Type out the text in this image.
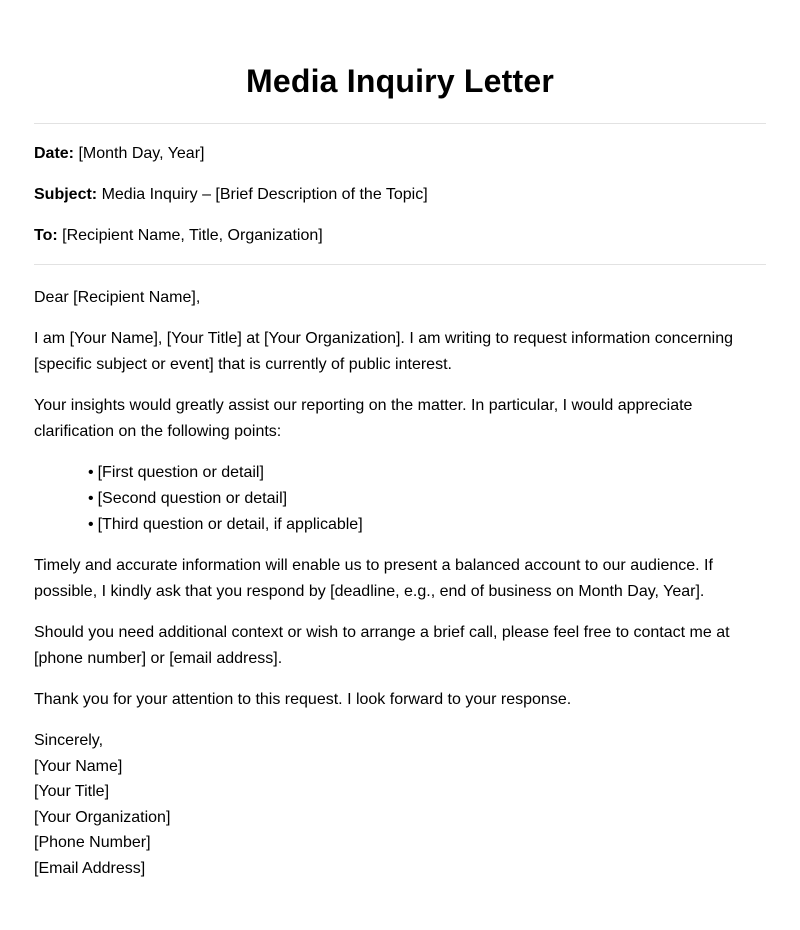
Media Inquiry Letter
Date: [Month Day, Year]
Subject: Media Inquiry – [Brief Description of the Topic]
To: [Recipient Name, Title, Organization]

Dear [Recipient Name],

I am [Your Name], [Your Title] at [Your Organization]. I am writing to request information concerning [specific subject or event] that is currently of public interest.

Your insights would greatly assist our reporting on the matter. In particular, I would appreciate clarification on the following points:

• [First question or detail]
• [Second question or detail]
• [Third question or detail, if applicable]

Timely and accurate information will enable us to present a balanced account to our audience. If possible, I kindly ask that you respond by [deadline, e.g., end of business on Month Day, Year].

Should you need additional context or wish to arrange a brief call, please feel free to contact me at [phone number] or [email address].

Thank you for your attention to this request. I look forward to your response.

Sincerely,
[Your Name]
[Your Title]
[Your Organization]
[Phone Number]
[Email Address]
